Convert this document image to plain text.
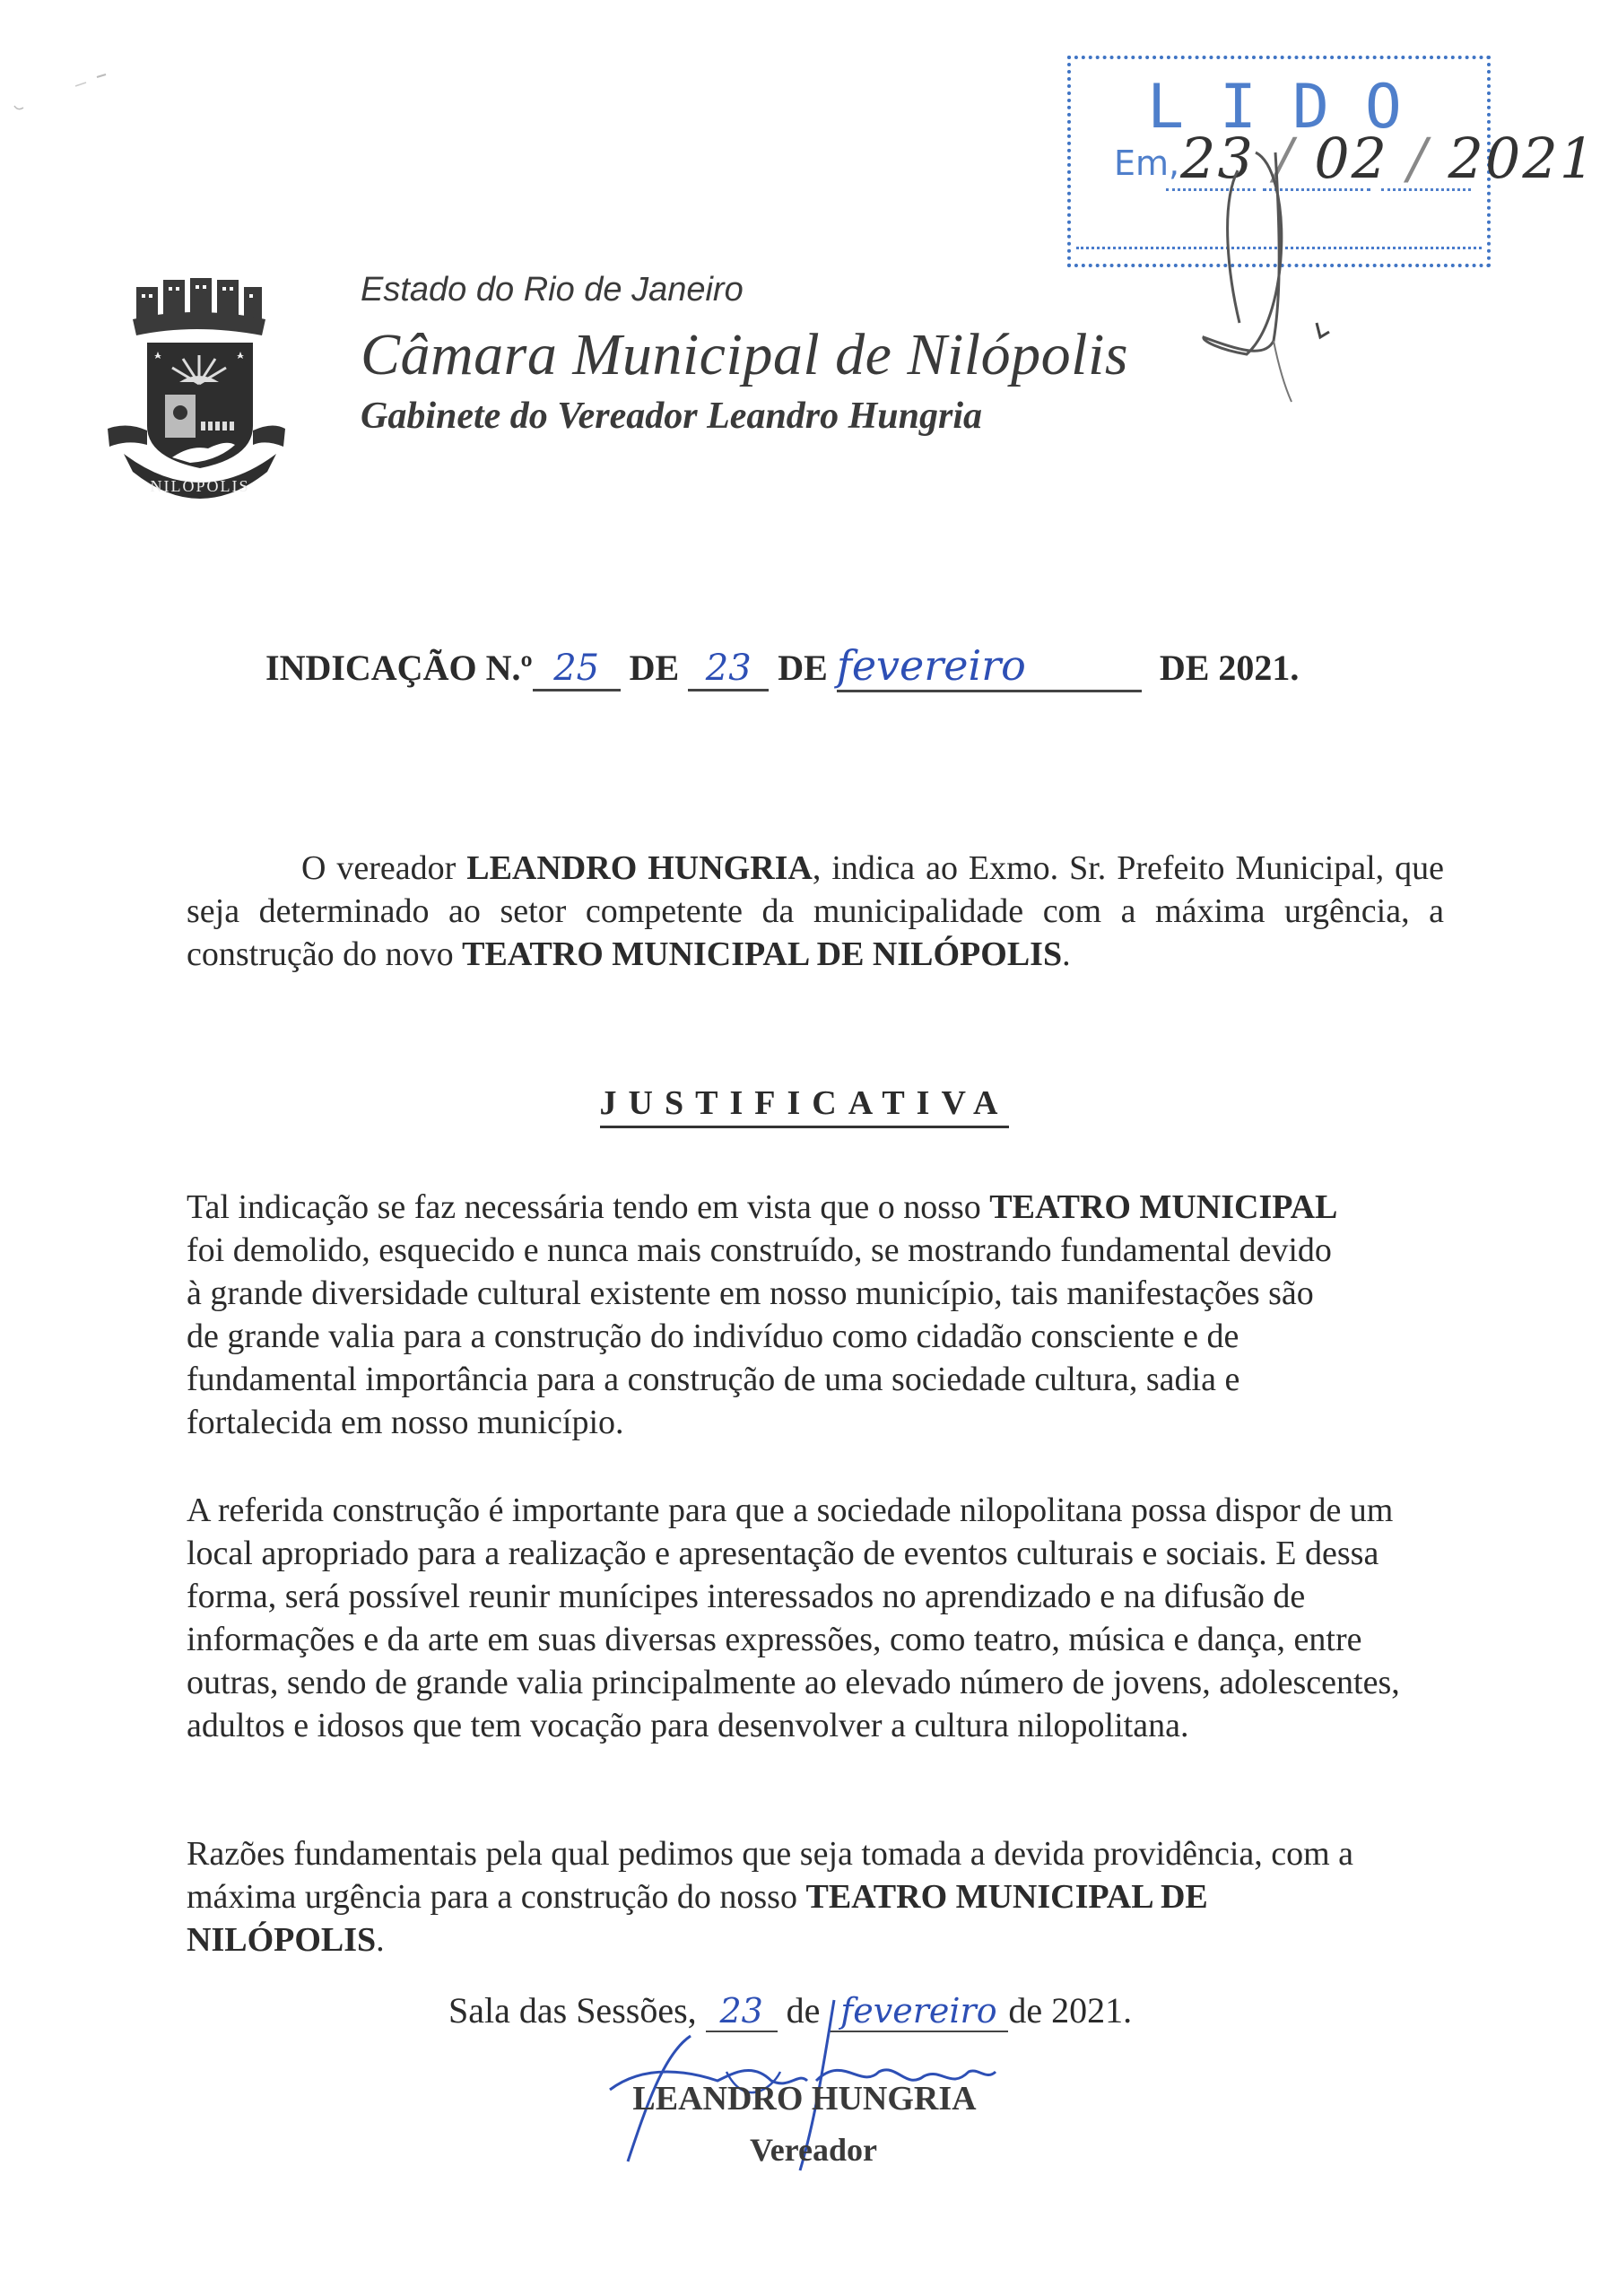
LIDO
Em, 23 / 02 / 2021
NILOPOLIS
Estado do Rio de Janeiro
Câmara Municipal de Nilópolis
Gabinete do Vereador Leandro Hungria
INDICAÇÃO N.º 25 DE 23 DE fevereiro	DE 2021.
O vereador LEANDRO HUNGRIA, indica ao Exmo. Sr. Prefeito Municipal, que seja determinado ao setor competente da municipalidade com a máxima urgência, a construção do novo TEATRO MUNICIPAL DE NILÓPOLIS.
JUSTIFICATIVA
Tal indicação se faz necessária tendo em vista que o nosso TEATRO MUNICIPAL foi demolido, esquecido e nunca mais construído, se mostrando fundamental devido à grande diversidade cultural existente em nosso município, tais manifestações são de grande valia para a construção do indivíduo como cidadão consciente e de fundamental importância para a construção de uma sociedade cultura, sadia e fortalecida em nosso município.
A referida construção é importante para que a sociedade nilopolitana possa dispor de um local apropriado para a realização e apresentação de eventos culturais e sociais. E dessa forma, será possível reunir munícipes interessados no aprendizado e na difusão de informações e da arte em suas diversas expressões, como teatro, música e dança, entre outras, sendo de grande valia principalmente ao elevado número de jovens, adolescentes, adultos e idosos que tem vocação para desenvolver a cultura nilopolitana.
Razões fundamentais pela qual pedimos que seja tomada a devida providência, com a máxima urgência para a construção do nosso TEATRO MUNICIPAL DE NILÓPOLIS.
Sala das Sessões, 23 de fevereiro de 2021.
LEANDRO HUNGRIA
Vereador
